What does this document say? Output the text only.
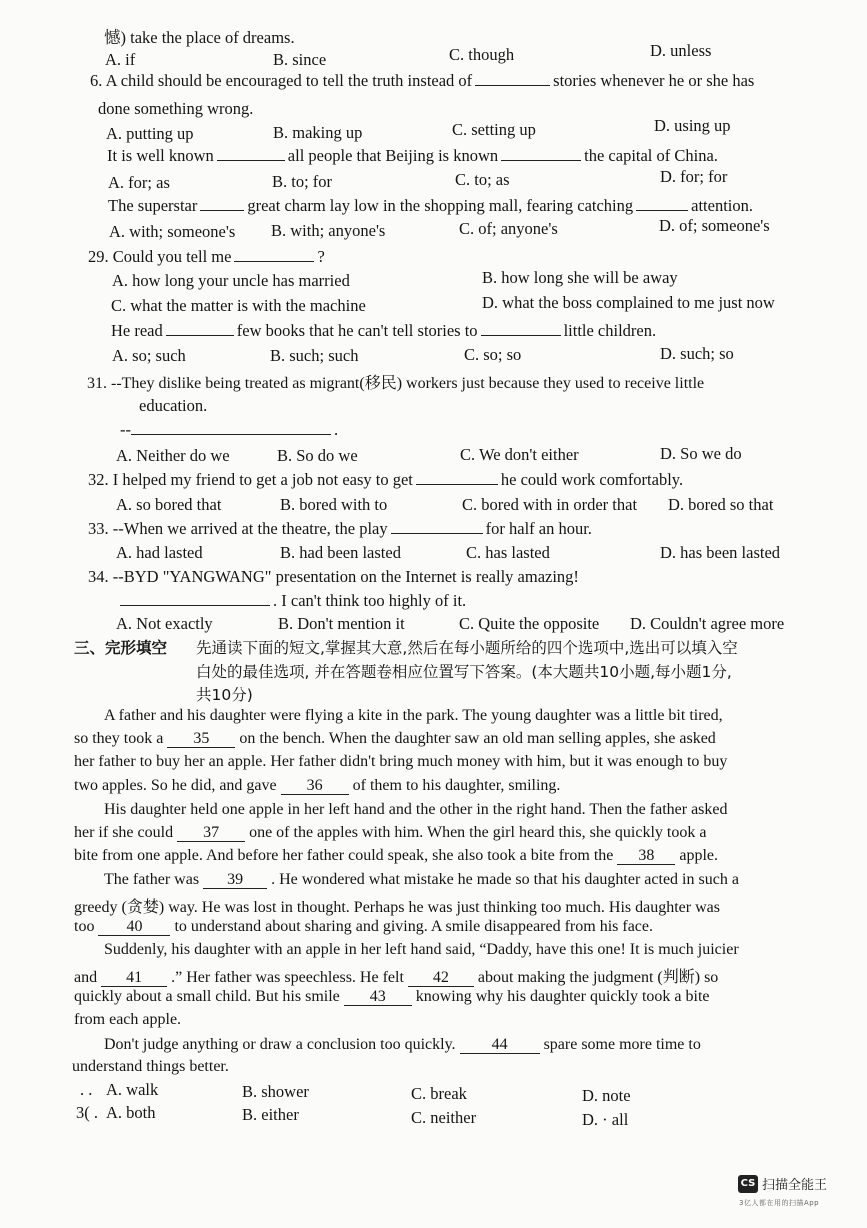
憾) take the place of dreams.
A. if	B. since	C. though	D. unless
6. A child should be encouraged to tell the truth instead of	stories whenever he or she has
done something wrong.
A. putting up	B. making up	C. setting up	D. using up
It is well known	all people that Beijing is known	the capital of China.
A. for; as	B. to; for	C. to; as	D. for; for
The superstar	great charm lay low in the shopping mall, fearing catching	attention.
A. with; someone's B. with; anyone's	C. of; anyone's	D. of; someone's
29. Could you tell me	?
A. how long your uncle has married	B. how long she will be away
C. what the matter is with the machine	D. what the boss complained to me just now
He read	few books that he can't tell stories to	little children.
A. so; such	B. such; such	C. so; so	D. such; so
31. --They dislike being treated as migrant(移民) workers just because they used to receive little
education.
--	.
A. Neither do we	B. So do we	C. We don't either	D. So we do
32. I helped my friend to get a job not easy to get	he could work comfortably.
A. so bored that	B. bored with to	C. bored with in order that D. bored so that
33. --When we arrived at the theatre, the play	for half an hour.
A. had lasted	B. had been lasted	C. has lasted	D. has been lasted
34. --BYD "YANGWANG" presentation on the Internet is really amazing!
. I can't think too highly of it.
A. Not exactly	B. Don't mention it	C. Quite the opposite D. Couldn't agree more
三、完形填空 先通读下面的短文,掌握其大意,然后在每小题所给的四个选项中,选出可以填入空
白处的最佳选项, 并在答题卷相应位置写下答案。(本大题共10小题,每小题1分,
共10分)
A father and his daughter were flying a kite in the park. The young daughter was a little bit tired,
so they took a 35 on the bench. When the daughter saw an old man selling apples, she asked
her father to buy her an apple. Her father didn't bring much money with him, but it was enough to buy
two apples. So he did, and gave 36 of them to his daughter, smiling.
His daughter held one apple in her left hand and the other in the right hand. Then the father asked
her if she could 37 one of the apples with him. When the girl heard this, she quickly took a
bite from one apple. And before her father could speak, she also took a bite from the 38 apple.
The father was 39 . He wondered what mistake he made so that his daughter acted in such a
greedy (贪婪) way. He was lost in thought. Perhaps he was just thinking too much. His daughter was
too 40 to understand about sharing and giving. A smile disappeared from his face.
Suddenly, his daughter with an apple in her left hand said, “Daddy, have this one! It is much juicier
and 41 .” Her father was speechless. He felt 42 about making the judgment (判断) so
quickly about a small child. But his smile 43 knowing why his daughter quickly took a bite
from each apple.
Don't judge anything or draw a conclusion too quickly. 44 spare some more time to
understand things better.
. . A. walk	B. shower	C. break	D. note
3( . A. both	B. either	C. neither	D. · all
CS 扫描全能王
3亿人都在用的扫描App
